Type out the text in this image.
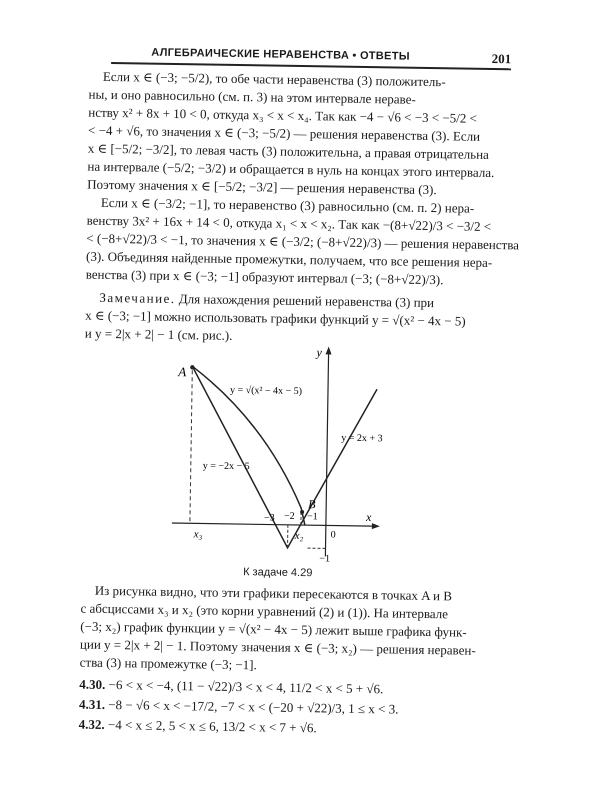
АЛГЕБРАИЧЕСКИЕ НЕРАВЕНСТВА • ОТВЕТЫ	201
Если x ∈ (−3; −5/2), то обе части неравенства (3) положитель-
ны, и оно равносильно (см. п. 3) на этом интервале нераве-
нству x² + 8x + 10 < 0, откуда x₃ < x < x₄. Так как −4 − √6 < −3 < −5/2 <
< −4 + √6, то значения x ∈ (−3; −5/2) — решения неравенства (3). Если
x ∈ [−5/2; −3/2], то левая часть (3) положительна, а правая отрицательна
на интервале (−5/2; −3/2) и обращается в нуль на концах этого интервала.
Поэтому значения x ∈ [−5/2; −3/2] — решения неравенства (3).
Если x ∈ (−3/2; −1], то неравенство (3) равносильно (см. п. 2) нера-
венству 3x² + 16x + 14 < 0, откуда x₁ < x < x₂. Так как −(8+√22)/3 < −3/2 <
< (−8+√22)/3 < −1, то значения x ∈ (−3/2; (−8+√22)/3) — решения неравенства
(3). Объединяя найденные промежутки, получаем, что все решения нера-
венства (3) при x ∈ (−3; −1] образуют интервал (−3; (−8+√22)/3).
Замечание. Для нахождения решений неравенства (3) при
x ∈ (−3; −1] можно использовать графики функций y = √(x² − 4x − 5)
и y = 2|x + 2| − 1 (см. рис.).
A
B
y
x
y = √(x² − 4x − 5)
y = −2x − 5
y = 2x + 3
x₃
−3 −2 −1
x₂	0
−1
К задаче 4.29
Из рисунка видно, что эти графики пересекаются в точках A и B
с абсциссами x₃ и x₂ (это корни уравнений (2) и (1)). На интервале
(−3; x₂) график функции y = √(x² − 4x − 5) лежит выше графика функ-
ции y = 2|x + 2| − 1. Поэтому значения x ∈ (−3; x₂) — решения неравен-
ства (3) на промежутке (−3; −1].
4.30. −6 < x < −4, (11 − √22)/3 < x < 4, 11/2 < x < 5 + √6.
4.31. −8 − √6 < x < −17/2, −7 < x < (−20 + √22)/3, 1 ≤ x < 3.
4.32. −4 < x ≤ 2, 5 < x ≤ 6, 13/2 < x < 7 + √6.
